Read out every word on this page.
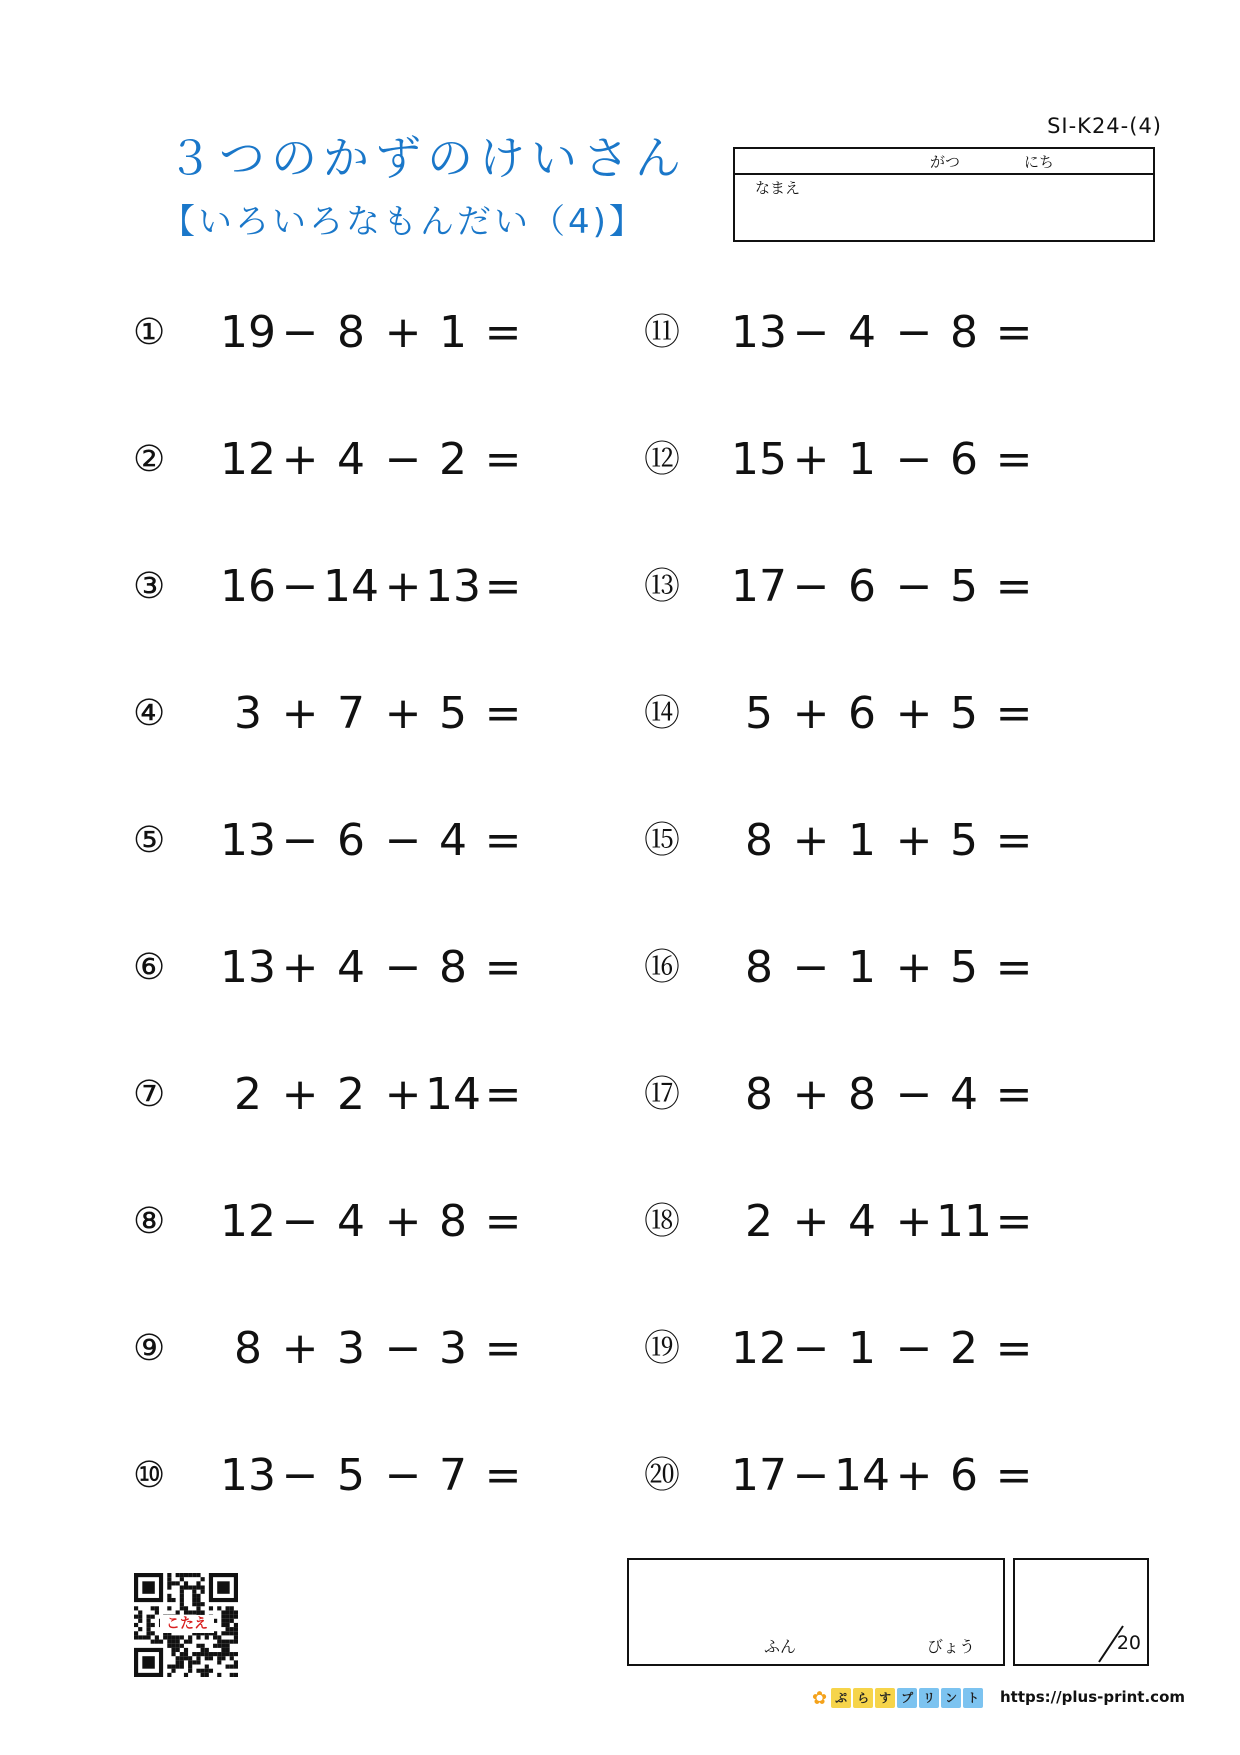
SI-K24-(4)
３つのかずのけいさん
【いろいろなもんだい（4)】
がつ	にち
なまえ
① 19 − 8 + 1 =
② 12 + 4 − 2 =
③ 16 − 14 + 13 =
④	3 + 7 + 5 =
⑤ 13 − 6 − 4 =
⑥ 13 + 4 − 8 =
⑦	2 + 2 + 14 =
⑧ 12 − 4 + 8 =
⑨	8 + 3 − 3 =
⑩ 13 − 5 − 7 =
⑪ 13 − 4 − 8 =
⑫ 15 + 1 − 6 =
⑬ 17 − 6 − 5 =
⑭	5 + 6 + 5 =
⑮	8 + 1 + 5 =
⑯	8 − 1 + 5 =
⑰	8 + 8 − 4 =
⑱	2 + 4 + 11 =
⑲ 12 − 1 − 2 =
⑳ 17 − 14 + 6 =
こたえ
ふん	びょう	20
✿ ぷ ら す プ リ ン ト https://plus-print.com
